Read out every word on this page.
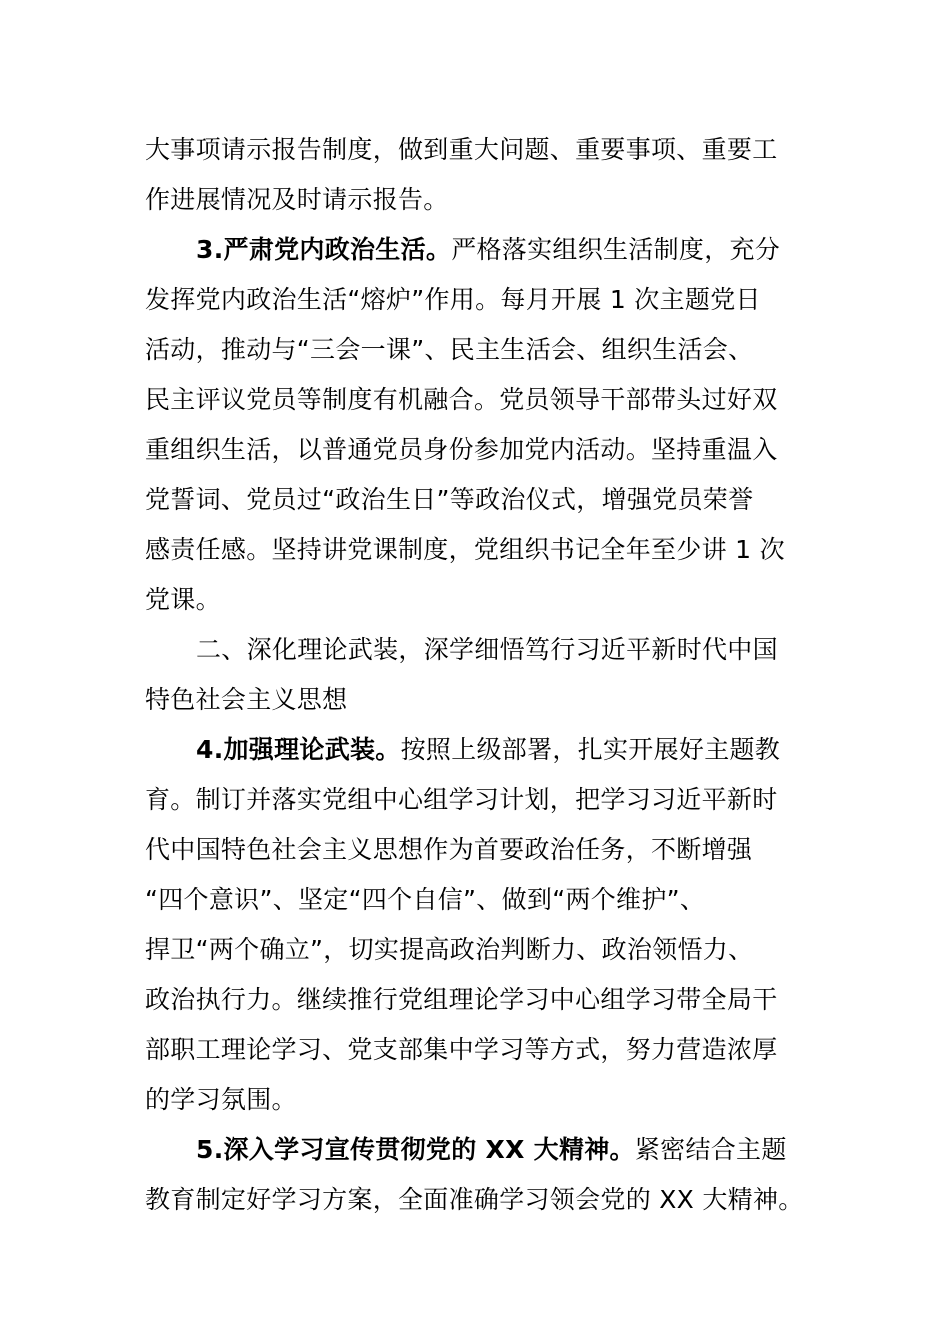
大事项请示报告制度，做到重大问题、重要事项、重要工
作进展情况及时请示报告。
3.严肃党内政治生活。严格落实组织生活制度，充分
发挥党内政治生活“熔炉”作用。每月开展 1 次主题党日
活动，推动与“三会一课”、民主生活会、组织生活会、
民主评议党员等制度有机融合。党员领导干部带头过好双
重组织生活，以普通党员身份参加党内活动。坚持重温入
党誓词、党员过“政治生日”等政治仪式，增强党员荣誉
感责任感。坚持讲党课制度，党组织书记全年至少讲 1 次
党课。
二、深化理论武装，深学细悟笃行习近平新时代中国
特色社会主义思想
4.加强理论武装。按照上级部署，扎实开展好主题教
育。制订并落实党组中心组学习计划，把学习习近平新时
代中国特色社会主义思想作为首要政治任务，不断增强
“四个意识”、坚定“四个自信”、做到“两个维护”、
捍卫“两个确立”，切实提高政治判断力、政治领悟力、
政治执行力。继续推行党组理论学习中心组学习带全局干
部职工理论学习、党支部集中学习等方式，努力营造浓厚
的学习氛围。
5.深入学习宣传贯彻党的 XX 大精神。紧密结合主题
教育制定好学习方案，全面准确学习领会党的 XX 大精神。
